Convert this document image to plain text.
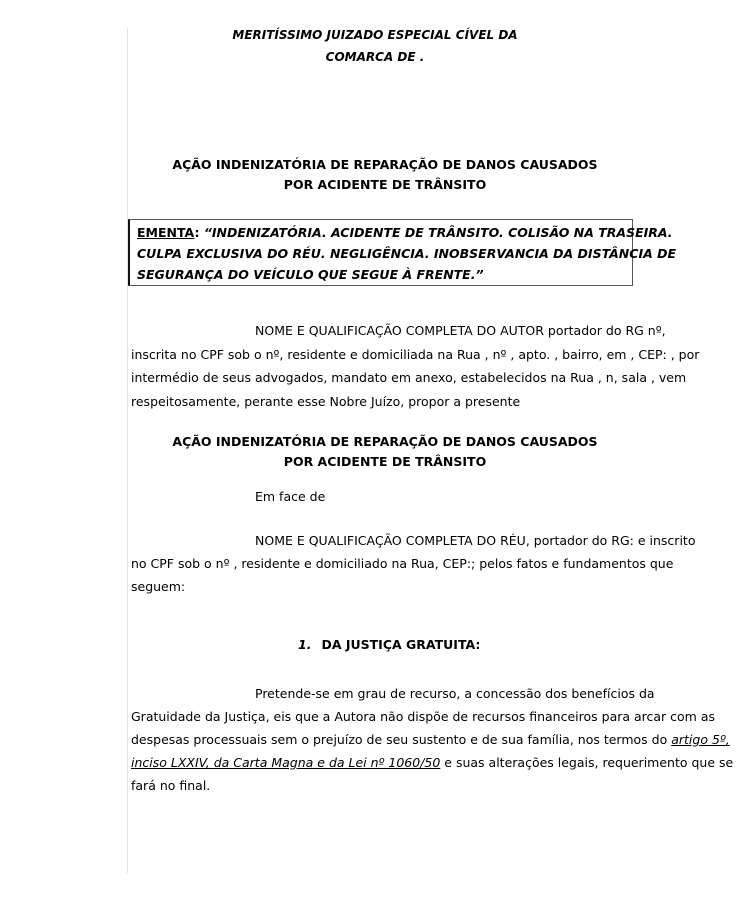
MERITÍSSIMO JUIZADO ESPECIAL CÍVEL DA
COMARCA DE .
AÇÃO INDENIZATÓRIA DE REPARAÇÃO DE DANOS CAUSADOS
POR ACIDENTE DE TRÂNSITO
EMENTA: “INDENIZATÓRIA. ACIDENTE DE TRÂNSITO. COLISÃO NA TRASEIRA.
CULPA EXCLUSIVA DO RÉU. NEGLIGÊNCIA. INOBSERVANCIA DA DISTÂNCIA DE
SEGURANÇA DO VEÍCULO QUE SEGUE À FRENTE.”
NOME E QUALIFICAÇÃO COMPLETA DO AUTOR portador do RG nº,
inscrita no CPF sob o nº, residente e domiciliada na Rua , nº , apto. , bairro, em , CEP: , por
intermédio de seus advogados, mandato em anexo, estabelecidos na Rua , n, sala , vem
respeitosamente, perante esse Nobre Juízo, propor a presente
AÇÃO INDENIZATÓRIA DE REPARAÇÃO DE DANOS CAUSADOS
POR ACIDENTE DE TRÂNSITO
Em face de
NOME E QUALIFICAÇÃO COMPLETA DO RÉU, portador do RG: e inscrito
no CPF sob o nº , residente e domiciliado na Rua, CEP:; pelos fatos e fundamentos que
seguem:
1. DA JUSTIÇA GRATUITA:
Pretende-se em grau de recurso, a concessão dos benefícios da
Gratuidade da Justiça, eis que a Autora não dispõe de recursos financeiros para arcar com as
despesas processuais sem o prejuízo de seu sustento e de sua família, nos termos do artigo 5º,
inciso LXXIV, da Carta Magna e da Lei nº 1060/50 e suas alterações legais, requerimento que se
fará no final.
